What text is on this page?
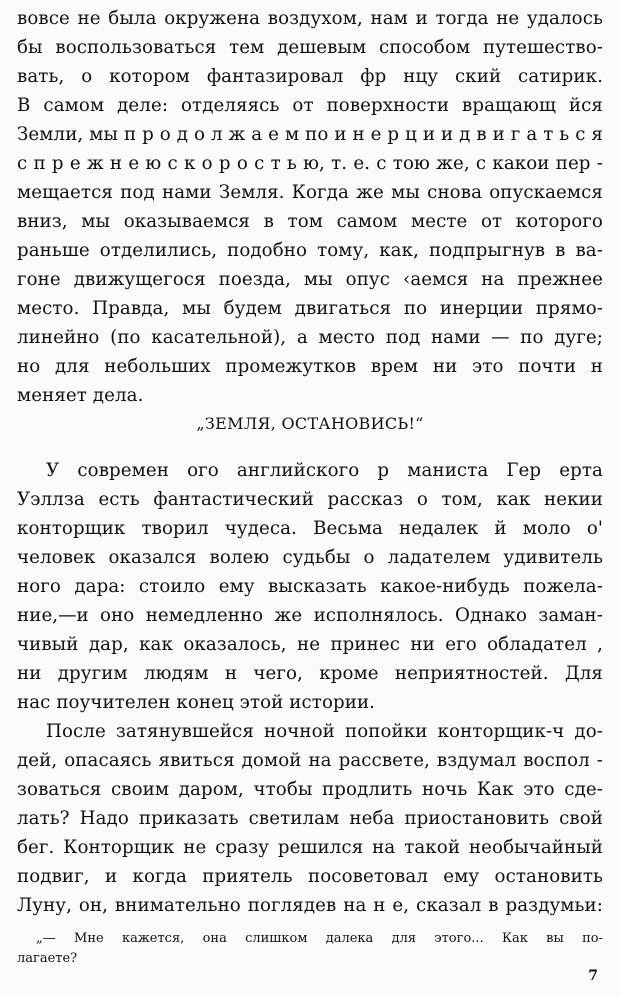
вовсе не была окружена воздухом, нам и тогда не удалось
бы воспользоваться тем дешевым способом путешество-
вать, о котором фантазировал фр нцу ский сатирик.
В самом деле: отделяясь от поверхности вращающ йся
Земли, мы п р о д о л ж а е м по и н е р ц и и д в и г а т ь с я
с п р е ж н е ю с к о р о с т ь ю, т. е. с тою же, с какои пер -
мещается под нами Земля. Когда же мы снова опускаемся
вниз, мы оказываемся в том самом месте от которого
раньше отделились, подобно тому, как, подпрыгнув в ва-
гоне движущегося поезда, мы опус ‹аемся на прежнее
место. Правда, мы будем двигаться по инерции прямо-
линейно (по касательной), а место под нами — по дуге;
но для небольших промежутков врем ни это почти н
меняет дела.
„ЗЕМЛЯ, ОСТАНОВИСЬ!“
У современ ого английского р маниста Гер ерта
Уэллза есть фантастический рассказ о том, как некии
конторщик творил чудеса. Весьма недалек й моло о'
человек оказался волею судьбы о ладателем удивитель
ного дара: стоило ему высказать какое-нибудь пожела-
ние,—и оно немедленно же исполнялось. Однако заман-
чивый дар, как оказалось, не принес ни его обладател ,
ни другим людям н чего, кроме неприятностей. Для
нас поучителен конец этой истории.
После затянувшейся ночной попойки конторщик-ч до-
дей, опасаясь явиться домой на рассвете, вздумал воспол -
зоваться своим даром, чтобы продлить ночь Как это сде-
лать? Надо приказать светилам неба приостановить свой
бег. Конторщик не сразу решился на такой необычайный
подвиг, и когда приятель посоветовал ему остановить
Луну, он, внимательно поглядев на н е, сказал в раздумьи:
„— Мне кажется, она слишком далека для этого... Как вы по-
лагаете?
7
